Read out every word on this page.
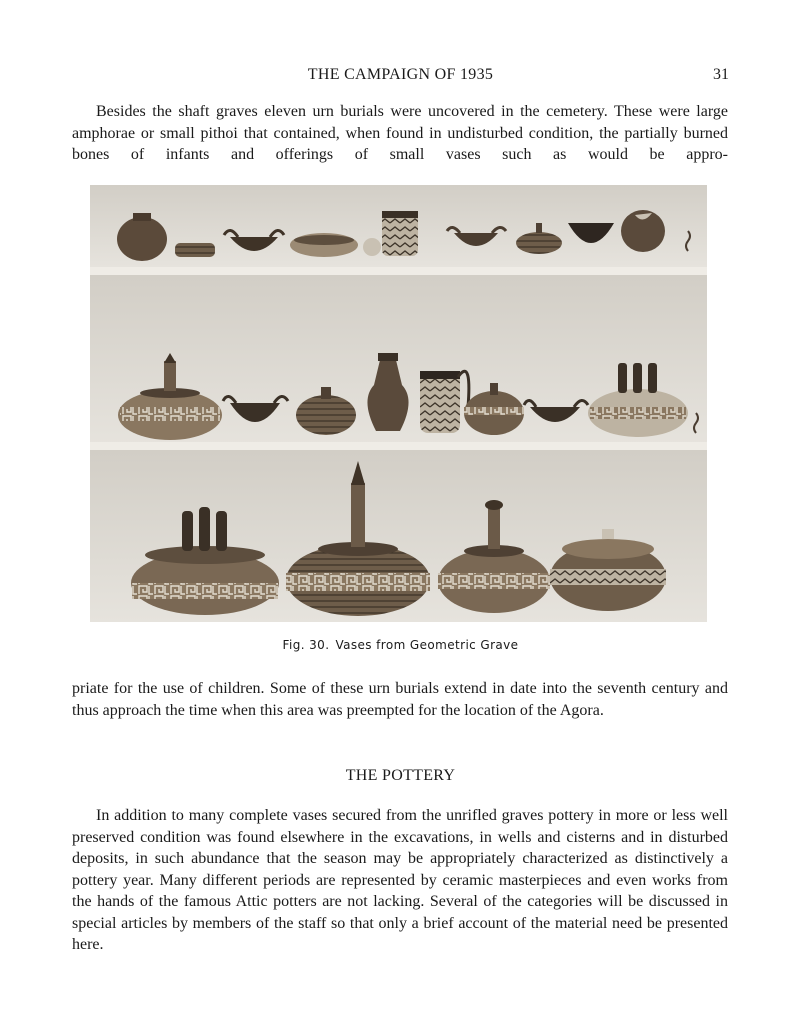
THE CAMPAIGN OF 1935	31

Besides the shaft graves eleven urn burials were uncovered in the cemetery. These were large amphorae or small pithoi that contained, when found in undisturbed condition, the partially burned bones of infants and offerings of small vases such as would be appro-

Fig. 30. Vases from Geometric Grave

priate for the use of children. Some of these urn burials extend in date into the seventh century and thus approach the time when this area was preempted for the location of the Agora.

THE POTTERY

In addition to many complete vases secured from the unrifled graves pottery in more or less well preserved condition was found elsewhere in the excavations, in wells and cisterns and in disturbed deposits, in such abundance that the season may be appropriately characterized as distinctively a pottery year. Many different periods are represented by ceramic masterpieces and even works from the hands of the famous Attic potters are not lacking. Several of the categories will be discussed in special articles by members of the staff so that only a brief account of the material need be presented here.
